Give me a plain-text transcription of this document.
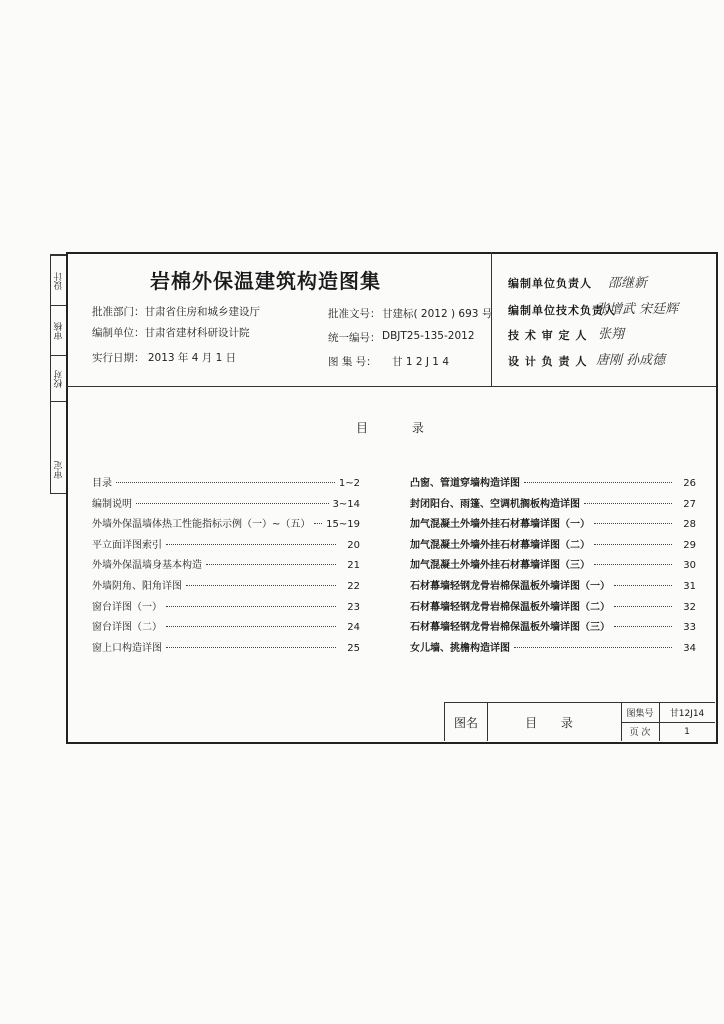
设计
审核
校对
审定
岩棉外保温建筑构造图集
批准部门：甘肃省住房和城乡建设厅
编制单位：甘肃省建材科研设计院
实行日期： 2013 年 4 月 1 日
批准文号： 甘建标( 2012 ) 693 号
统一编号： DBJT25-135-2012
图 集 号： 甘 1 2 J 1 4
编制单位负责人 邵继新
编制单位技术负责人
张增武 宋廷辉
技 术 审 定 人 张翔
设 计 负 责 人 唐刚 孙成德
目 录
目录	1~2
编制说明	3~14
外墙外保温墙体热工性能指标示例（一）~（五） 15~19
平立面详图索引	20
外墙外保温墙身基本构造	21
外墙阴角、阳角详图	22
窗台详图（一）	23
窗台详图（二）	24
窗上口构造详图	25
凸窗、管道穿墙构造详图	26
封闭阳台、雨篷、空调机搁板构造详图	27
加气混凝土外墙外挂石材幕墙详图（一）	28
加气混凝土外墙外挂石材幕墙详图（二）	29
加气混凝土外墙外挂石材幕墙详图（三）	30
石材幕墙轻钢龙骨岩棉保温板外墙详图（一）	31
石材幕墙轻钢龙骨岩棉保温板外墙详图（二）	32
石材幕墙轻钢龙骨岩棉保温板外墙详图（三）	33
女儿墙、挑檐构造详图	34
图名	目 录
图集号	甘12J14
页 次	1
